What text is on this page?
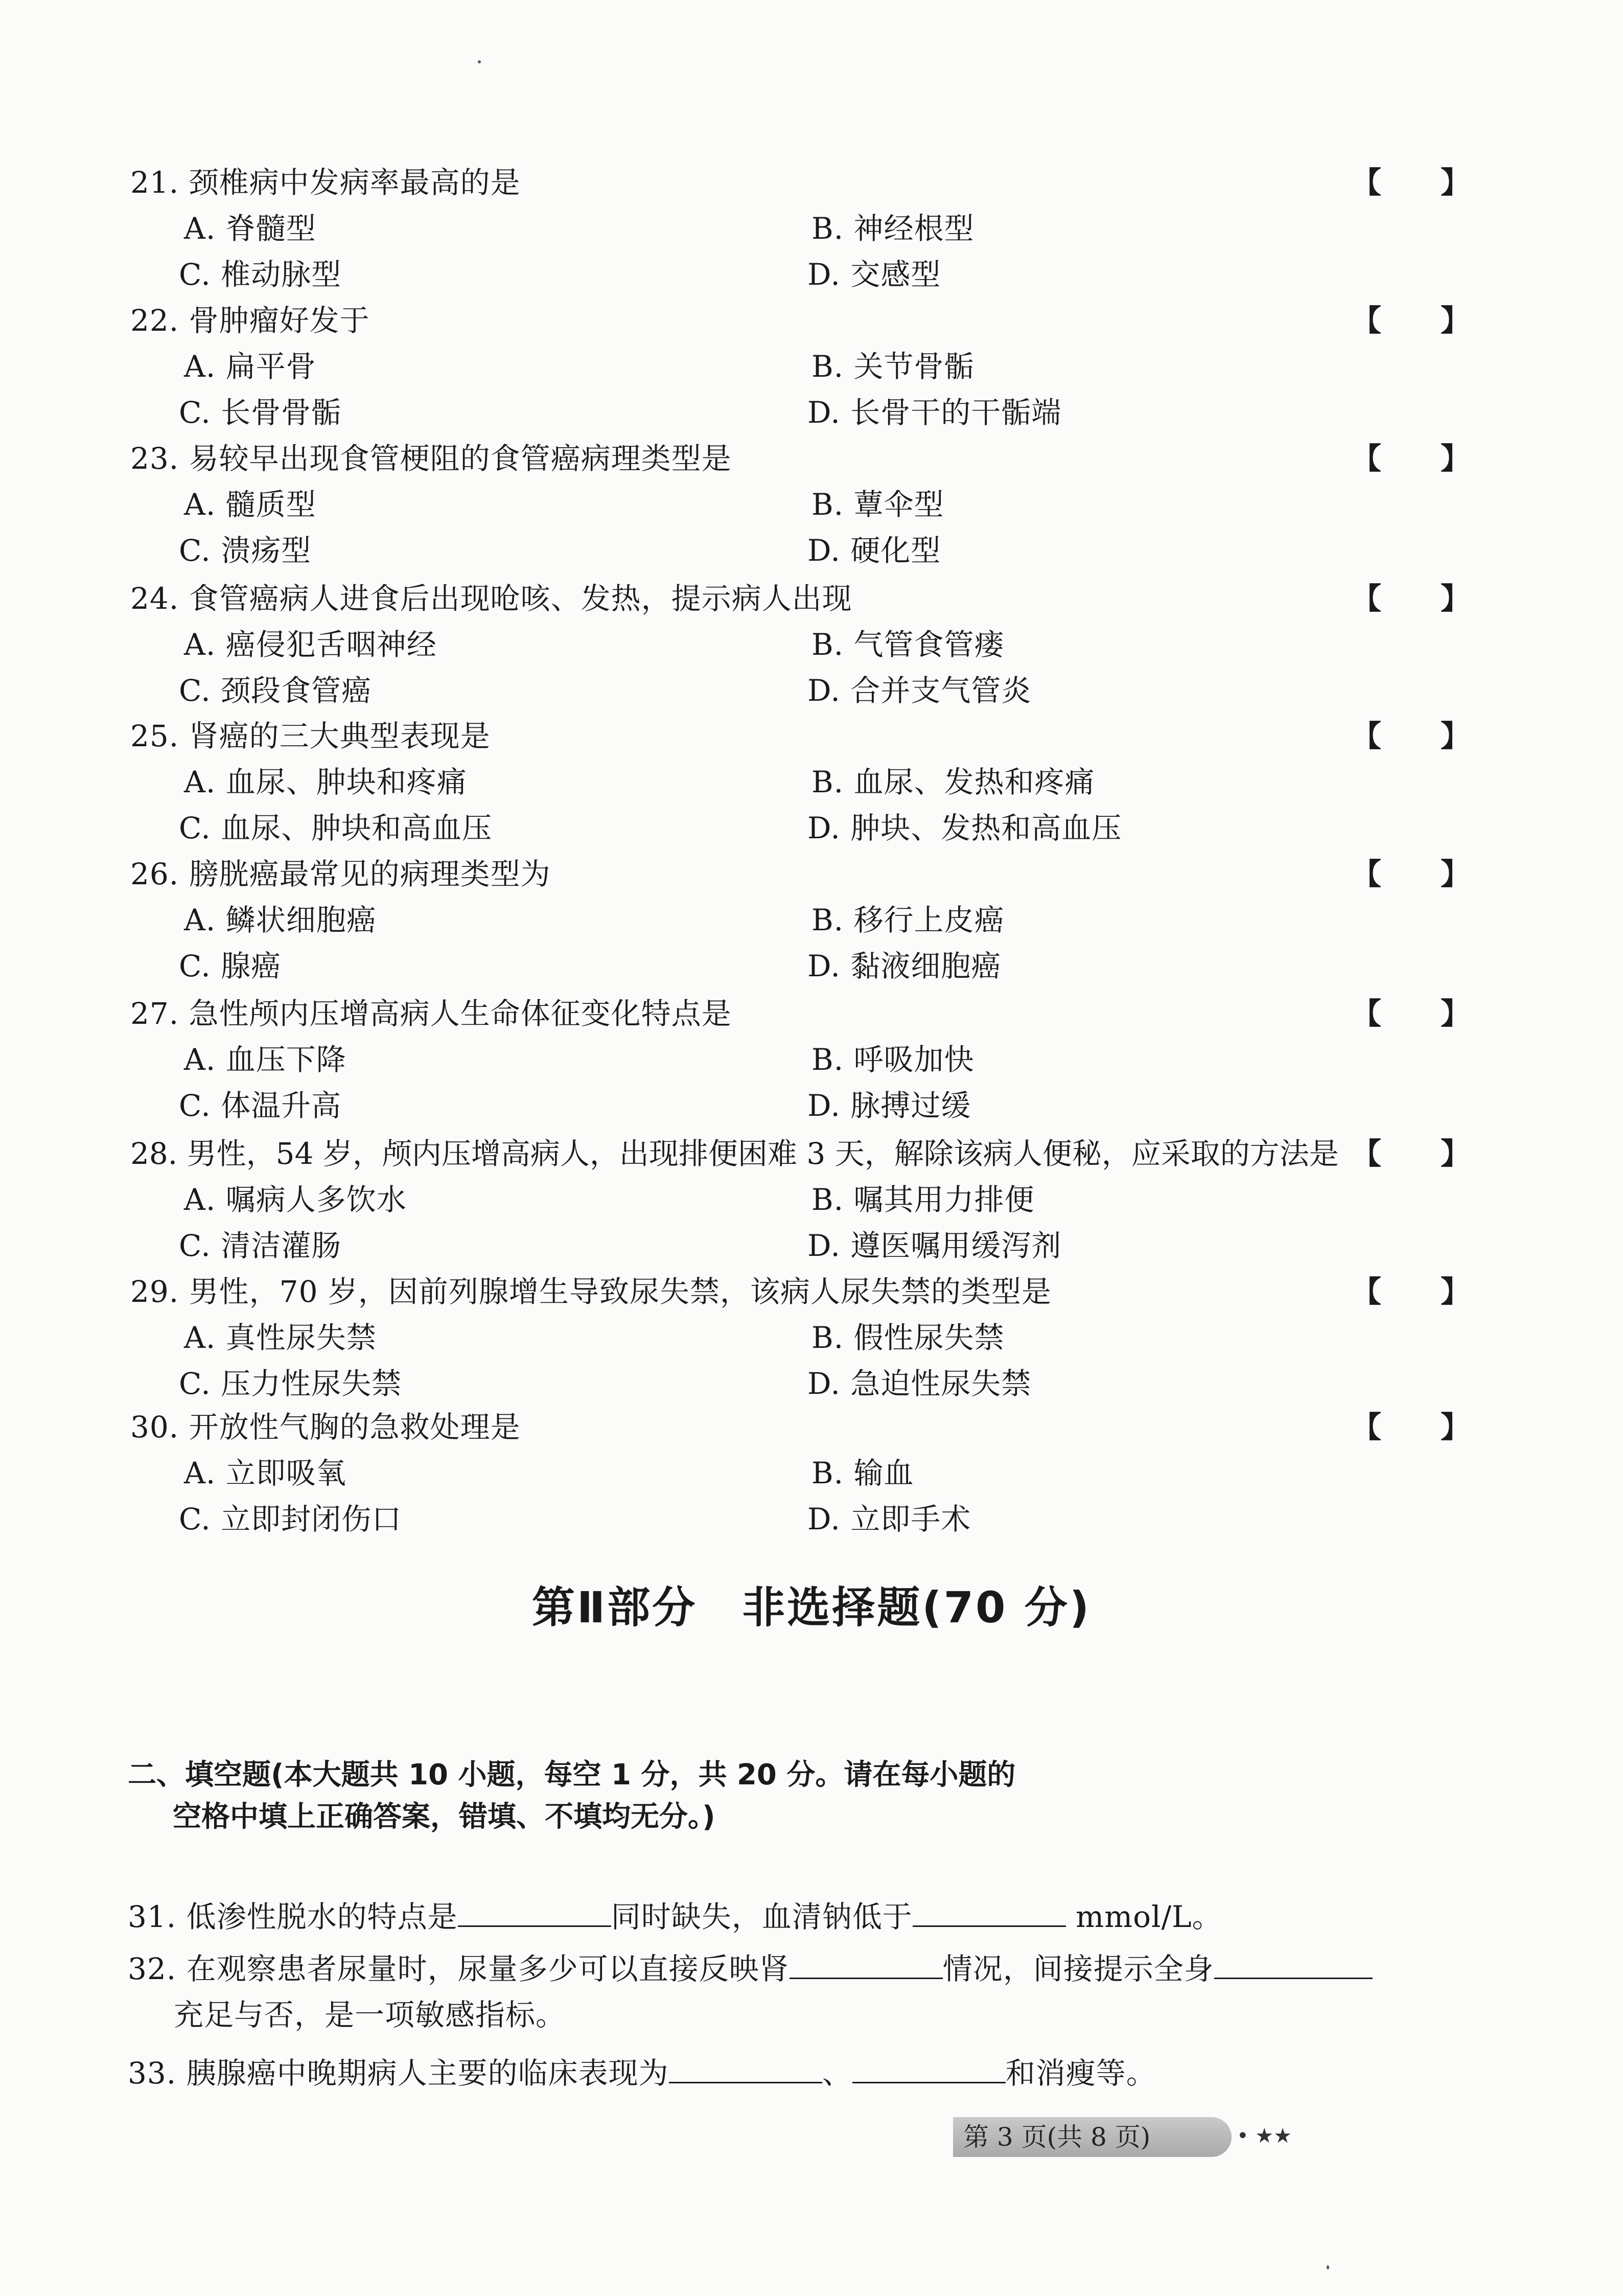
21. 颈椎病中发病率最高的是	【　　】
A. 脊髓型	B. 神经根型
C. 椎动脉型	D. 交感型
22. 骨肿瘤好发于	【　　】
A. 扁平骨	B. 关节骨骺
C. 长骨骨骺	D. 长骨干的干骺端
23. 易较早出现食管梗阻的食管癌病理类型是	【　　】
A. 髓质型	B. 蕈伞型
C. 溃疡型	D. 硬化型
24. 食管癌病人进食后出现呛咳、发热，提示病人出现	【　　】
A. 癌侵犯舌咽神经	B. 气管食管瘘
C. 颈段食管癌	D. 合并支气管炎
25. 肾癌的三大典型表现是	【　　】
A. 血尿、肿块和疼痛	B. 血尿、发热和疼痛
C. 血尿、肿块和高血压	D. 肿块、发热和高血压
26. 膀胱癌最常见的病理类型为	【　　】
A. 鳞状细胞癌	B. 移行上皮癌
C. 腺癌	D. 黏液细胞癌
27. 急性颅内压增高病人生命体征变化特点是	【　　】
A. 血压下降	B. 呼吸加快
C. 体温升高	D. 脉搏过缓
28. 男性，54 岁，颅内压增高病人，出现排便困难 3 天，解除该病人便秘，应采取的方法是 【　　】
A. 嘱病人多饮水	B. 嘱其用力排便
C. 清洁灌肠	D. 遵医嘱用缓泻剂
29. 男性，70 岁，因前列腺增生导致尿失禁，该病人尿失禁的类型是	【　　】
A. 真性尿失禁	B. 假性尿失禁
C. 压力性尿失禁	D. 急迫性尿失禁
30. 开放性气胸的急救处理是	【　　】
A. 立即吸氧	B. 输血
C. 立即封闭伤口	D. 立即手术
第Ⅱ部分　非选择题(70 分)
二、填空题(本大题共 10 小题，每空 1 分，共 20 分。请在每小题的
空格中填上正确答案，错填、不填均无分。)
31. 低渗性脱水的特点是	同时缺失，血清钠低于	mmol/L。
32. 在观察患者尿量时，尿量多少可以直接反映肾	情况，间接提示全身
充足与否，是一项敏感指标。
33. 胰腺癌中晚期病人主要的临床表现为	、	和消瘦等。
第 3 页(共 8 页)	• ★★
